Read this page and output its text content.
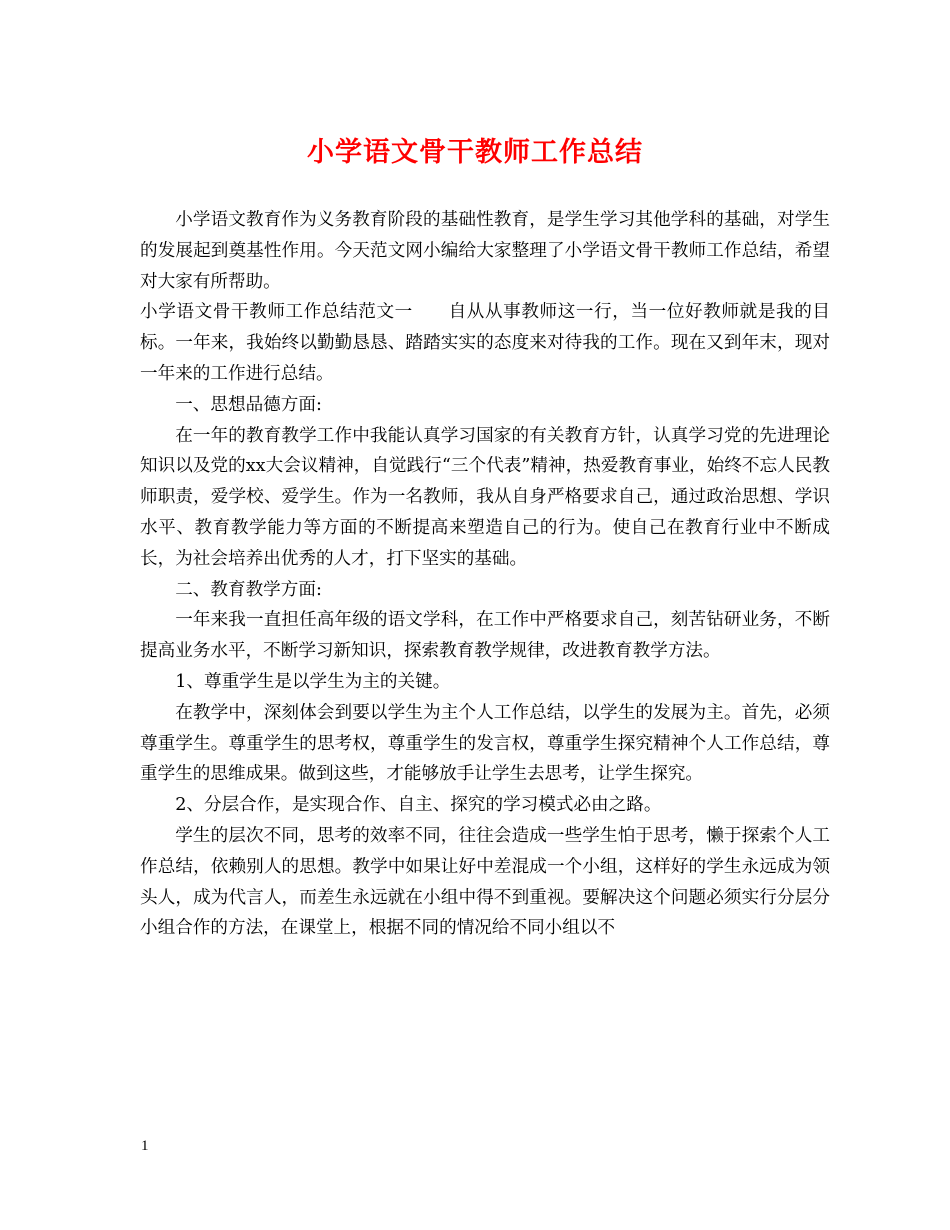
小学语文骨干教师工作总结

小学语文教育作为义务教育阶段的基础性教育，是学生学习其他学科的基础，对学生的发展起到奠基性作用。今天范文网小编给大家整理了小学语文骨干教师工作总结，希望对大家有所帮助。

小学语文骨干教师工作总结范文一 自从从事教师这一行，当一位好教师就是我的目标。一年来，我始终以勤勤恳恳、踏踏实实的态度来对待我的工作。现在又到年末，现对一年来的工作进行总结。

一、思想品德方面:

在一年的教育教学工作中我能认真学习国家的有关教育方针，认真学习党的先进理论知识以及党的xx大会议精神，自觉践行“三个代表”精神，热爱教育事业，始终不忘人民教师职责，爱学校、爱学生。作为一名教师，我从自身严格要求自己，通过政治思想、学识水平、教育教学能力等方面的不断提高来塑造自己的行为。使自己在教育行业中不断成长，为社会培养出优秀的人才，打下坚实的基础。

二、教育教学方面:

一年来我一直担任高年级的语文学科，在工作中严格要求自己，刻苦钻研业务，不断提高业务水平，不断学习新知识，探索教育教学规律，改进教育教学方法。

1、尊重学生是以学生为主的关键。

在教学中，深刻体会到要以学生为主个人工作总结，以学生的发展为主。首先，必须尊重学生。尊重学生的思考权，尊重学生的发言权，尊重学生探究精神个人工作总结，尊重学生的思维成果。做到这些，才能够放手让学生去思考，让学生探究。

2、分层合作，是实现合作、自主、探究的学习模式必由之路。

学生的层次不同，思考的效率不同，往往会造成一些学生怕于思考，懒于探索个人工作总结，依赖别人的思想。教学中如果让好中差混成一个小组，这样好的学生永远成为领头人，成为代言人，而差生永远就在小组中得不到重视。要解决这个问题必须实行分层分小组合作的方法，在课堂上，根据不同的情况给不同小组以不

1
